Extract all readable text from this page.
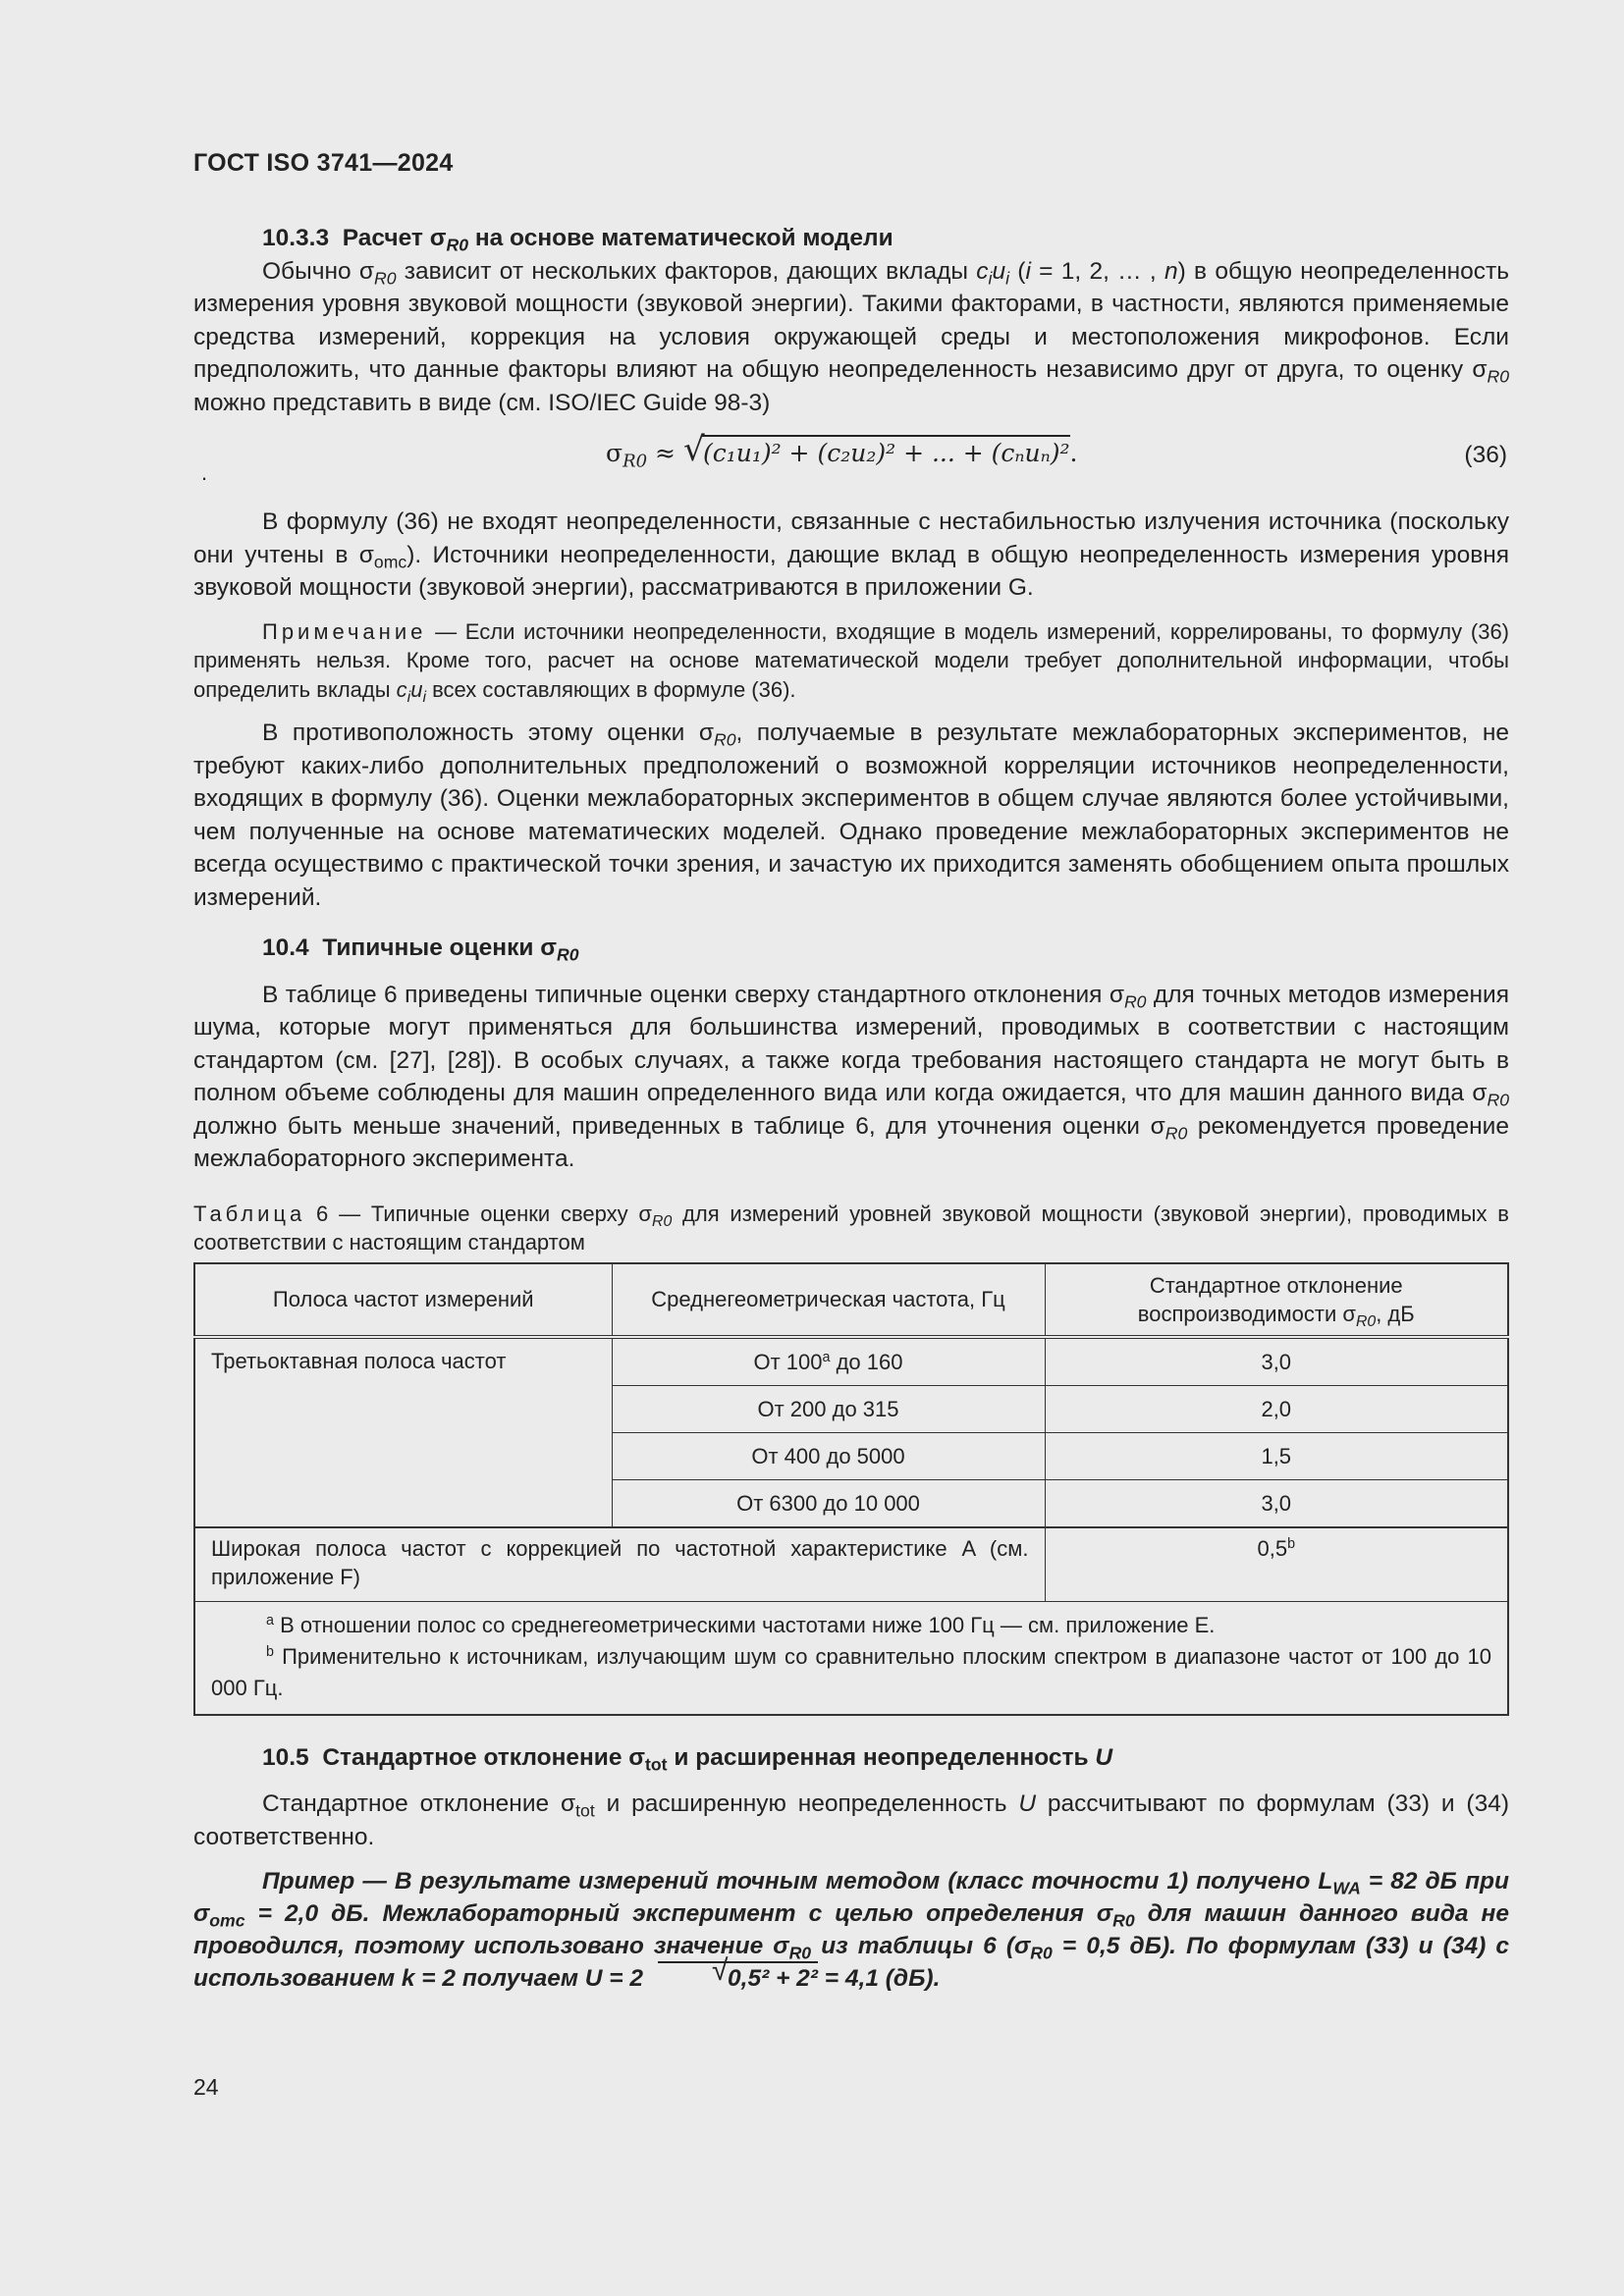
ГОСТ ISO 3741—2024

10.3.3 Расчет $\sigma_{R0}$ на основе математической модели

Обычно $\sigma_{R0}$ зависит от нескольких факторов, дающих вклады $c_iu_i$ (i = 1, 2, … , n) в общую неопределенность измерения уровня звуковой мощности (звуковой энергии). Такими факторами, в частности, являются применяемые средства измерений, коррекция на условия окружающей среды и местоположения микрофонов. Если предположить, что данные факторы влияют на общую неопределенность независимо друг от друга, то оценку $\sigma_{R0}$ можно представить в виде (см. ISO/IEC Guide 98-3)

.
$\sigma_{R0}$ ≈ √
(c₁u₁)² + (c₂u₂)² + ... + (cₙuₙ)².	(36)

В формулу (36) не входят неопределенности, связанные с нестабильностью излучения источника (поскольку они учтены в $\sigma_{omc}$). Источники неопределенности, дающие вклад в общую неопределенность измерения уровня звуковой мощности (звуковой энергии), рассматриваются в приложении G.

Примечание — Если источники неопределенности, входящие в модель измерений, коррелированы, то формулу (36) применять нельзя. Кроме того, расчет на основе математической модели требует дополнительной информации, чтобы определить вклады $c_iu_i$ всех составляющих в формуле (36).

В противоположность этому оценки $\sigma_{R0}$, получаемые в результате межлабораторных экспериментов, не требуют каких-либо дополнительных предположений о возможной корреляции источников неопределенности, входящих в формулу (36). Оценки межлабораторных экспериментов в общем случае являются более устойчивыми, чем полученные на основе математических моделей. Однако проведение межлабораторных экспериментов не всегда осуществимо с практической точки зрения, и зачастую их приходится заменять обобщением опыта прошлых измерений.

10.4 Типичные оценки $\sigma_{R0}$

В таблице 6 приведены типичные оценки сверху стандартного отклонения $\sigma_{R0}$ для точных методов измерения шума, которые могут применяться для большинства измерений, проводимых в соответствии с настоящим стандартом (см. [27], [28]). В особых случаях, а также когда требования настоящего стандарта не могут быть в полном объеме соблюдены для машин определенного вида или когда ожидается, что для машин данного вида $\sigma_{R0}$ должно быть меньше значений, приведенных в таблице 6, для уточнения оценки $\sigma_{R0}$ рекомендуется проведение межлабораторного эксперимента.

Таблица 6 — Типичные оценки сверху $\sigma_{R0}$ для измерений уровней звуковой мощности (звуковой энергии), проводимых в соответствии с настоящим стандартом

Полоса частот измерений	Среднегеометрическая частота, Гц	Стандартное отклонение воспроизводимости $\sigma_{R0}$, дБ
Третьоктавная полоса частот	От 100$^a$ до 160	3,0
	От 200 до 315	2,0
	От 400 до 5000	1,5
	От 6300 до 10 000	3,0
Широкая полоса частот с коррекцией по частотной характеристике A (см. приложение F)		0,5$^b$

$^a$ В отношении полос со среднегеометрическими частотами ниже 100 Гц — см. приложение E.
$^b$ Применительно к источникам, излучающим шум со сравнительно плоским спектром в диапазоне частот от 100 до 10 000 Гц.		

10.5 Стандартное отклонение $\sigma_{tot}$ и расширенная неопределенность U

Стандартное отклонение $\sigma_{tot}$ и расширенную неопределенность U рассчитывают по формулам (33) и (34) соответственно.

Пример — В результате измерений точным методом (класс точности 1) получено $L_{WA} = 82$ дБ при $\sigma_{omc} = 2,0$ дБ. Межлабораторный эксперимент с целью определения $\sigma_{R0}$ для машин данного вида не проводился, поэтому использовано значение $\sigma_{R0}$ из таблицы 6 ($\sigma_{R0} = 0,5$ дБ). По формулам (33) и (34) с использованием k = 2 получаем U = 2	√ 0,5² + 2² = 4,1 (дБ).

24
